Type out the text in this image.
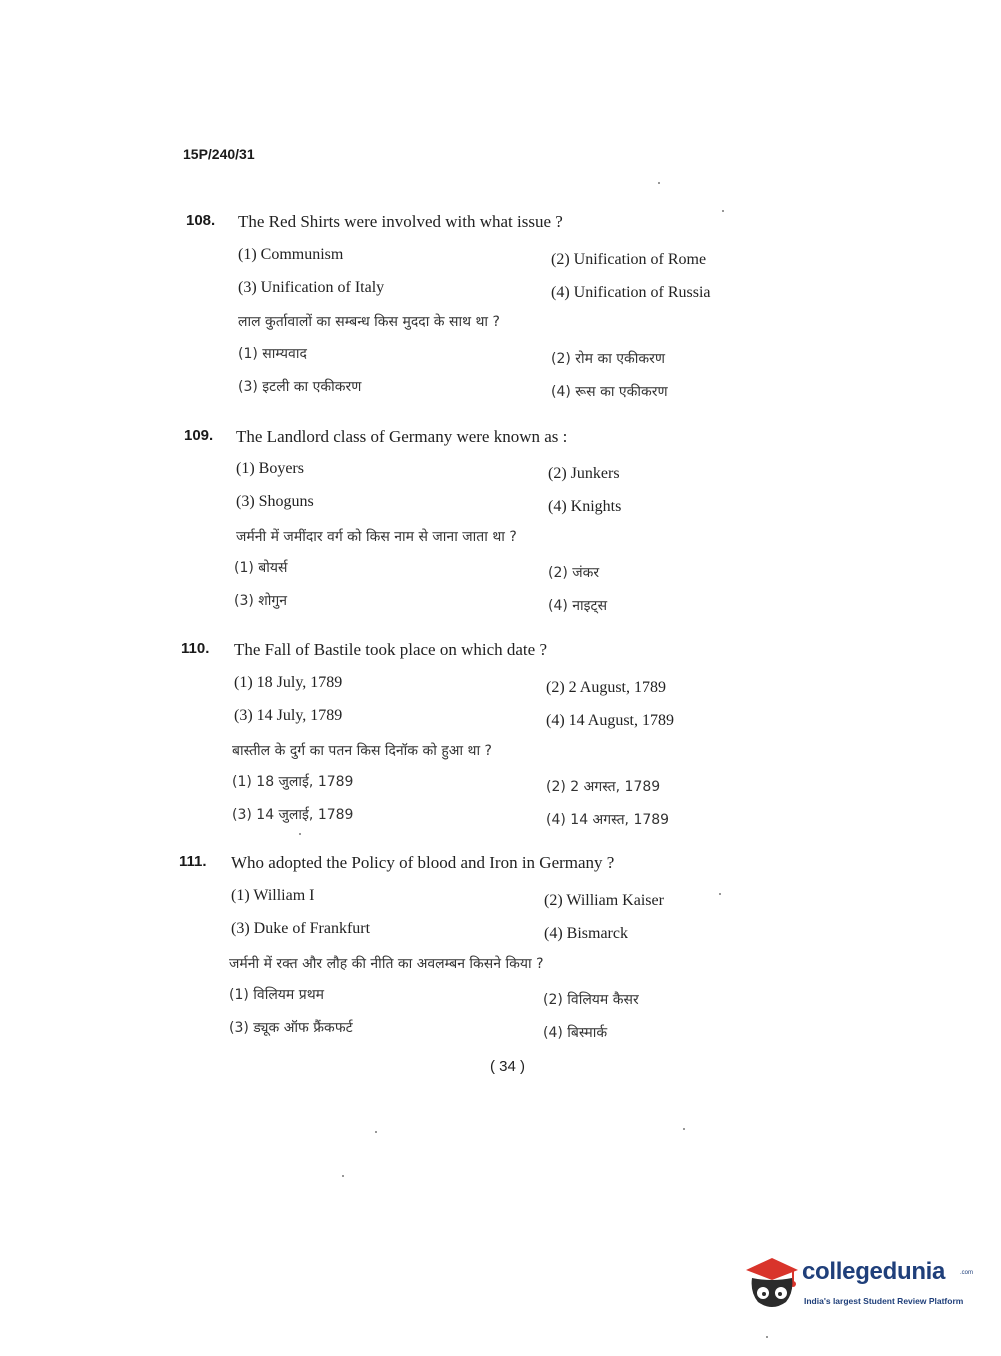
15P/240/31
108. The Red Shirts were involved with what issue ?
(1) Communism	(2) Unification of Rome
(3) Unification of Italy	(4) Unification of Russia
लाल कुर्तावालों का सम्बन्ध किस मुददा के साथ था ?
(1) साम्यवाद	(2) रोम का एकीकरण
(3) इटली का एकीकरण	(4) रूस का एकीकरण
109. The Landlord class of Germany were known as :
(1) Boyers	(2) Junkers
(3) Shoguns	(4) Knights
जर्मनी में जमींदार वर्ग को किस नाम से जाना जाता था ?
(1) बोयर्स	(2) जंकर
(3) शोगुन	(4) नाइट्स
110. The Fall of Bastile took place on which date ?
(1) 18 July, 1789	(2) 2 August, 1789
(3) 14 July, 1789	(4) 14 August, 1789
बास्तील के दुर्ग का पतन किस दिनॉक को हुआ था ?
(1) 18 जुलाई, 1789	(2) 2 अगस्त, 1789
(3) 14 जुलाई, 1789	(4) 14 अगस्त, 1789
111. Who adopted the Policy of blood and Iron in Germany ?
(1) William I	(2) William Kaiser
(3) Duke of Frankfurt	(4) Bismarck
जर्मनी में रक्त और लौह की नीति का अवलम्बन किसने किया ?
(1) विलियम प्रथम	(2) विलियम कैसर
(3) ड्यूक ऑफ फ्रैंकफर्ट	(4) बिस्मार्क
( 34 )
collegedunia .com
India's largest Student Review Platform
